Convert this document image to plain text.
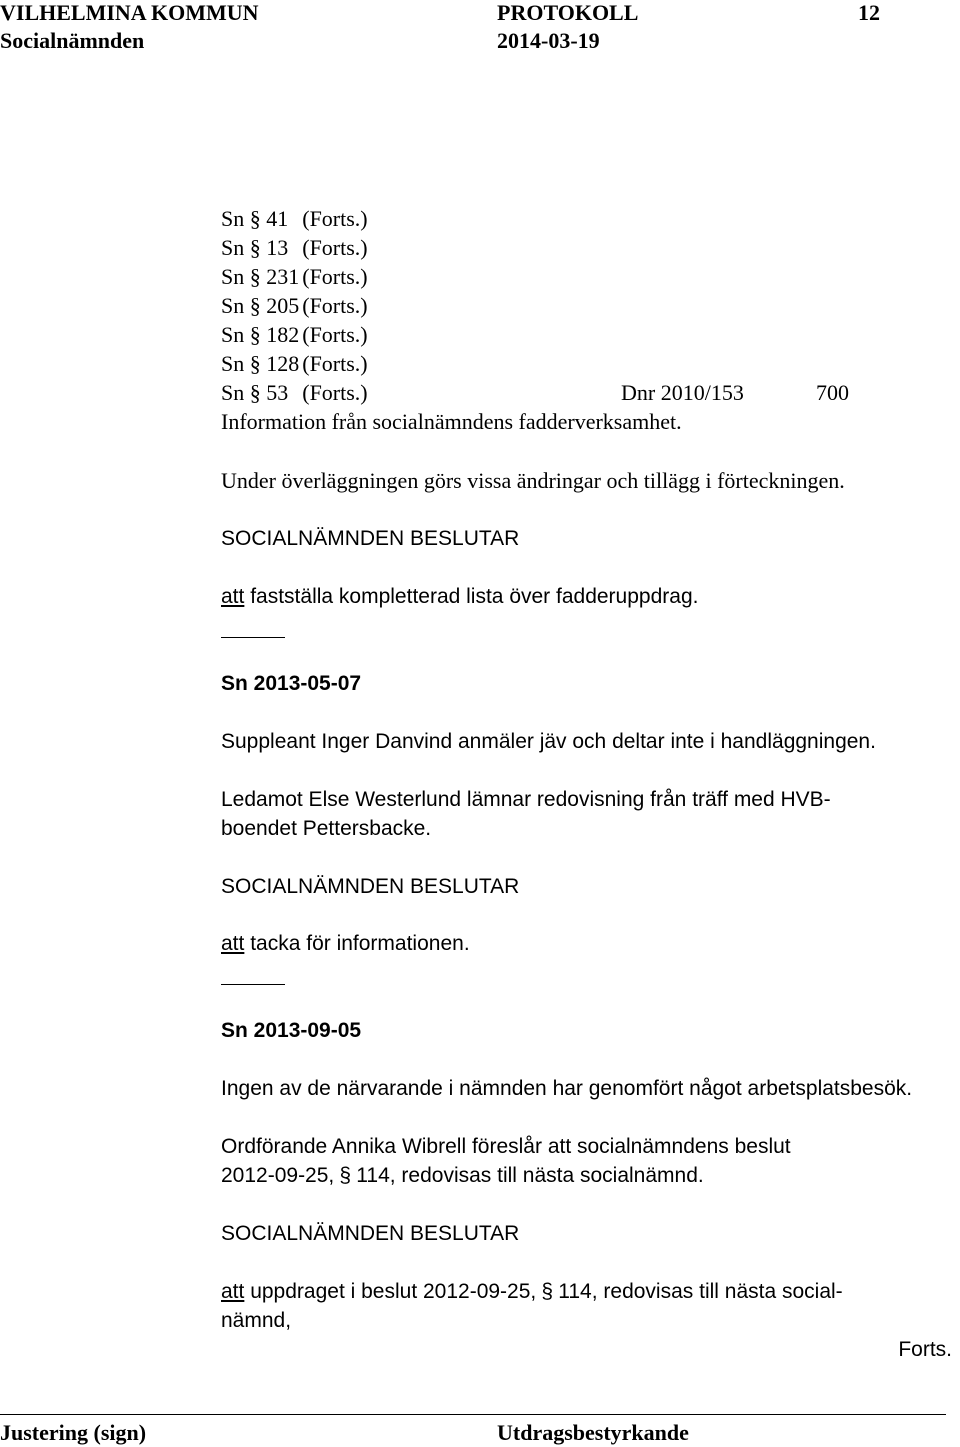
VILHELMINA KOMMUN	PROTOKOLL	12
Socialnämnden	2014-03-19
Sn § 41 (Forts.)
Sn § 13 (Forts.)
Sn § 231 (Forts.)
Sn § 205 (Forts.)
Sn § 182 (Forts.)
Sn § 128 (Forts.)
Sn § 53 (Forts.)	Dnr 2010/153	700
Information från socialnämndens fadderverksamhet.
Under överläggningen görs vissa ändringar och tillägg i förteckningen.
SOCIALNÄMNDEN BESLUTAR
att fastställa kompletterad lista över fadderuppdrag.
Sn 2013-05-07
Suppleant Inger Danvind anmäler jäv och deltar inte i handläggningen.
Ledamot Else Westerlund lämnar redovisning från träff med HVB-
boendet Pettersbacke.
SOCIALNÄMNDEN BESLUTAR
att tacka för informationen.
Sn 2013-09-05
Ingen av de närvarande i nämnden har genomfört något arbetsplatsbesök.
Ordförande Annika Wibrell föreslår att socialnämndens beslut
2012-09-25, § 114, redovisas till nästa socialnämnd.
SOCIALNÄMNDEN BESLUTAR
att uppdraget i beslut 2012-09-25, § 114, redovisas till nästa social-
nämnd,
Forts.
Justering (sign)	Utdragsbestyrkande
